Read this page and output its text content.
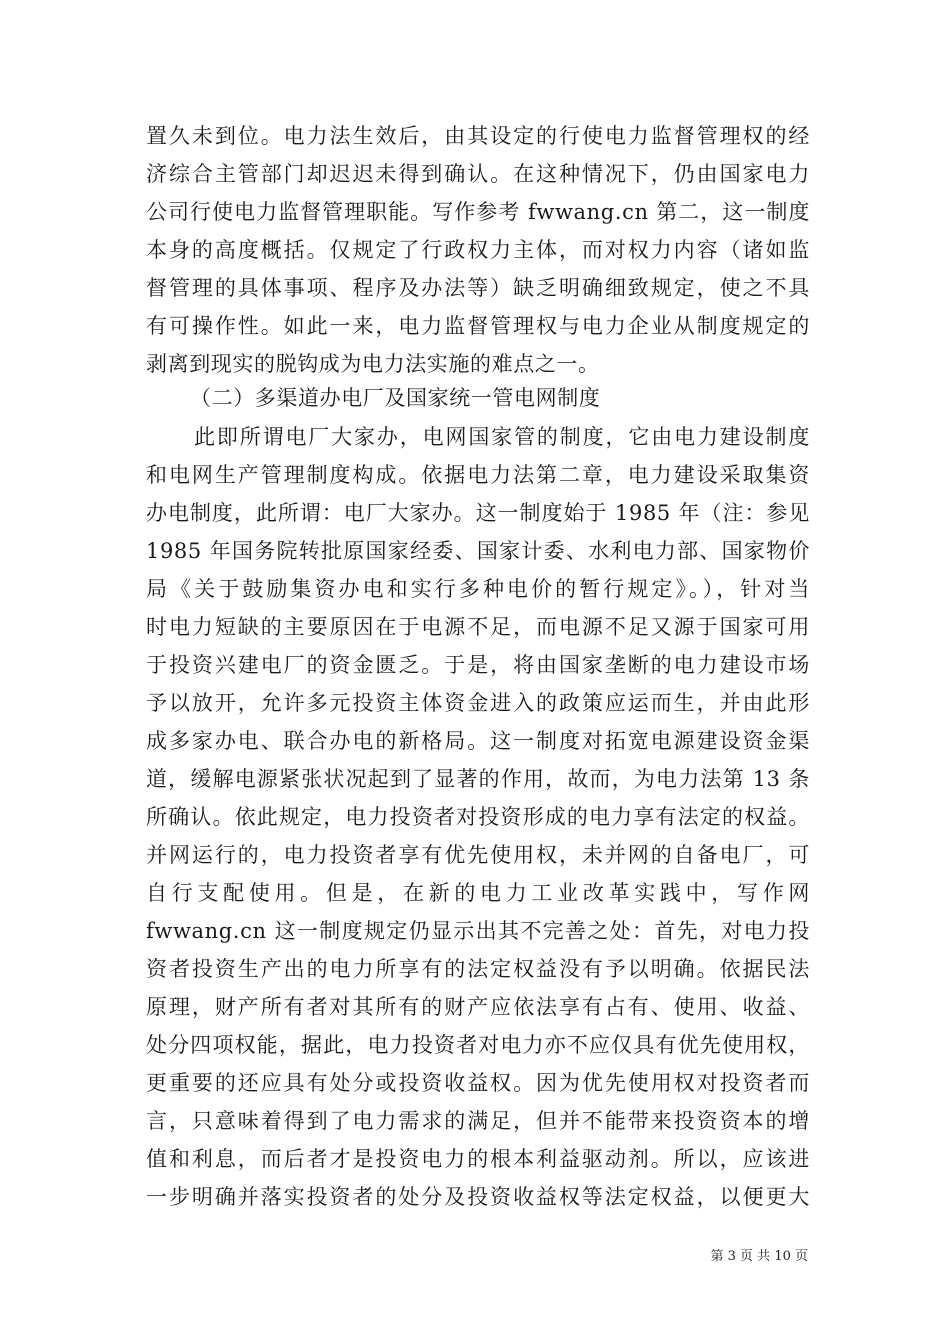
置久未到位。电力法生效后，由其设定的行使电力监督管理权的经
济综合主管部门却迟迟未得到确认。在这种情况下，仍由国家电力
公司行使电力监督管理职能。写作参考 fwwang.cn 第二，这一制度
本身的高度概括。仅规定了行政权力主体，而对权力内容（诸如监
督管理的具体事项、程序及办法等）缺乏明确细致规定，使之不具
有可操作性。如此一来，电力监督管理权与电力企业从制度规定的
剥离到现实的脱钩成为电力法实施的难点之一。
（二）多渠道办电厂及国家统一管电网制度
此即所谓电厂大家办，电网国家管的制度，它由电力建设制度
和电网生产管理制度构成。依据电力法第二章，电力建设采取集资
办电制度，此所谓：电厂大家办。这一制度始于 1985 年（注：参见
1985 年国务院转批原国家经委、国家计委、水利电力部、国家物价
局《关于鼓励集资办电和实行多种电价的暂行规定》。），针对当
时电力短缺的主要原因在于电源不足，而电源不足又源于国家可用
于投资兴建电厂的资金匮乏。于是，将由国家垄断的电力建设市场
予以放开，允许多元投资主体资金进入的政策应运而生，并由此形
成多家办电、联合办电的新格局。这一制度对拓宽电源建设资金渠
道，缓解电源紧张状况起到了显著的作用，故而，为电力法第 13 条
所确认。依此规定，电力投资者对投资形成的电力享有法定的权益。
并网运行的，电力投资者享有优先使用权，未并网的自备电厂，可
自行支配使用。但是，在新的电力工业改革实践中，写作网
fwwang.cn 这一制度规定仍显示出其不完善之处：首先，对电力投
资者投资生产出的电力所享有的法定权益没有予以明确。依据民法
原理，财产所有者对其所有的财产应依法享有占有、使用、收益、
处分四项权能，据此，电力投资者对电力亦不应仅具有优先使用权，
更重要的还应具有处分或投资收益权。因为优先使用权对投资者而
言，只意味着得到了电力需求的满足，但并不能带来投资资本的增
值和利息，而后者才是投资电力的根本利益驱动剂。所以，应该进
一步明确并落实投资者的处分及投资收益权等法定权益，以便更大
第 3 页 共 10 页
